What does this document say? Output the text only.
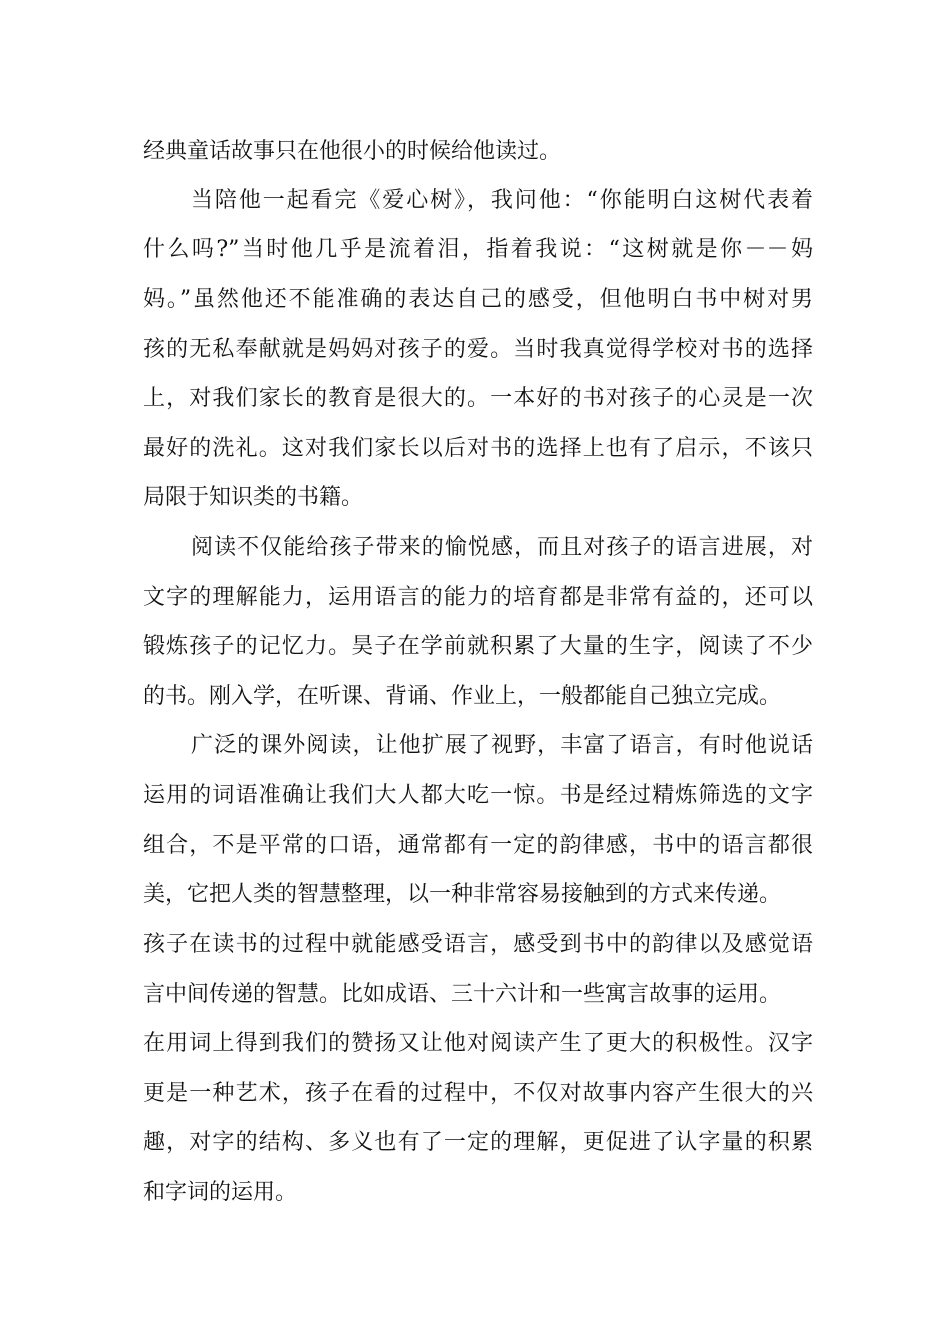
经典童话故事只在他很小的时候给他读过。
当陪他一起看完《爱心树》，我问他：“你能明白这树代表着
什么吗?”当时他几乎是流着泪，指着我说：“这树就是你－－妈
妈。”虽然他还不能准确的表达自己的感受，但他明白书中树对男
孩的无私奉献就是妈妈对孩子的爱。当时我真觉得学校对书的选择
上，对我们家长的教育是很大的。一本好的书对孩子的心灵是一次
最好的洗礼。这对我们家长以后对书的选择上也有了启示，不该只
局限于知识类的书籍。
阅读不仅能给孩子带来的愉悦感，而且对孩子的语言进展，对
文字的理解能力，运用语言的能力的培育都是非常有益的，还可以
锻炼孩子的记忆力。昊子在学前就积累了大量的生字，阅读了不少
的书。刚入学，在听课、背诵、作业上，一般都能自己独立完成。
广泛的课外阅读，让他扩展了视野，丰富了语言，有时他说话
运用的词语准确让我们大人都大吃一惊。书是经过精炼筛选的文字
组合，不是平常的口语，通常都有一定的韵律感，书中的语言都很
美，它把人类的智慧整理，以一种非常容易接触到的方式来传递。
孩子在读书的过程中就能感受语言，感受到书中的韵律以及感觉语
言中间传递的智慧。比如成语、三十六计和一些寓言故事的运用。
在用词上得到我们的赞扬又让他对阅读产生了更大的积极性。汉字
更是一种艺术，孩子在看的过程中，不仅对故事内容产生很大的兴
趣，对字的结构、多义也有了一定的理解，更促进了认字量的积累
和字词的运用。
